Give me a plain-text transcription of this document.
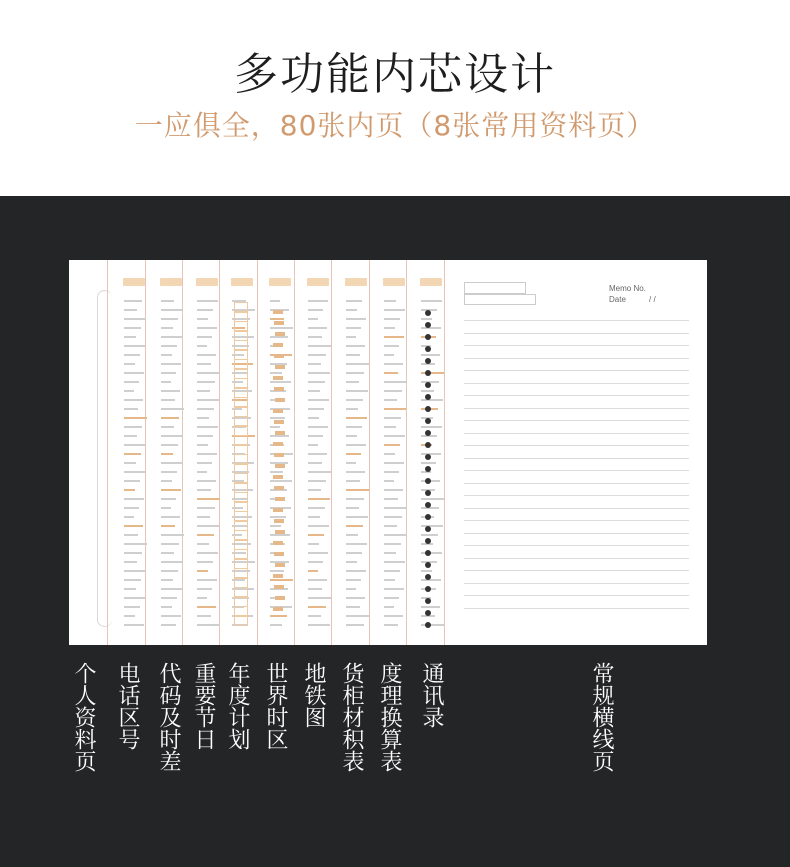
多功能内芯设计
一应俱全，80张内页（8张常用资料页）
Memo No.
Date	/ /
个人资料页 电话区号 代码及时差 重要节日 年度计划 世界时区 地铁图 货柜材积表 度理换算表 通讯录	常规横线页
